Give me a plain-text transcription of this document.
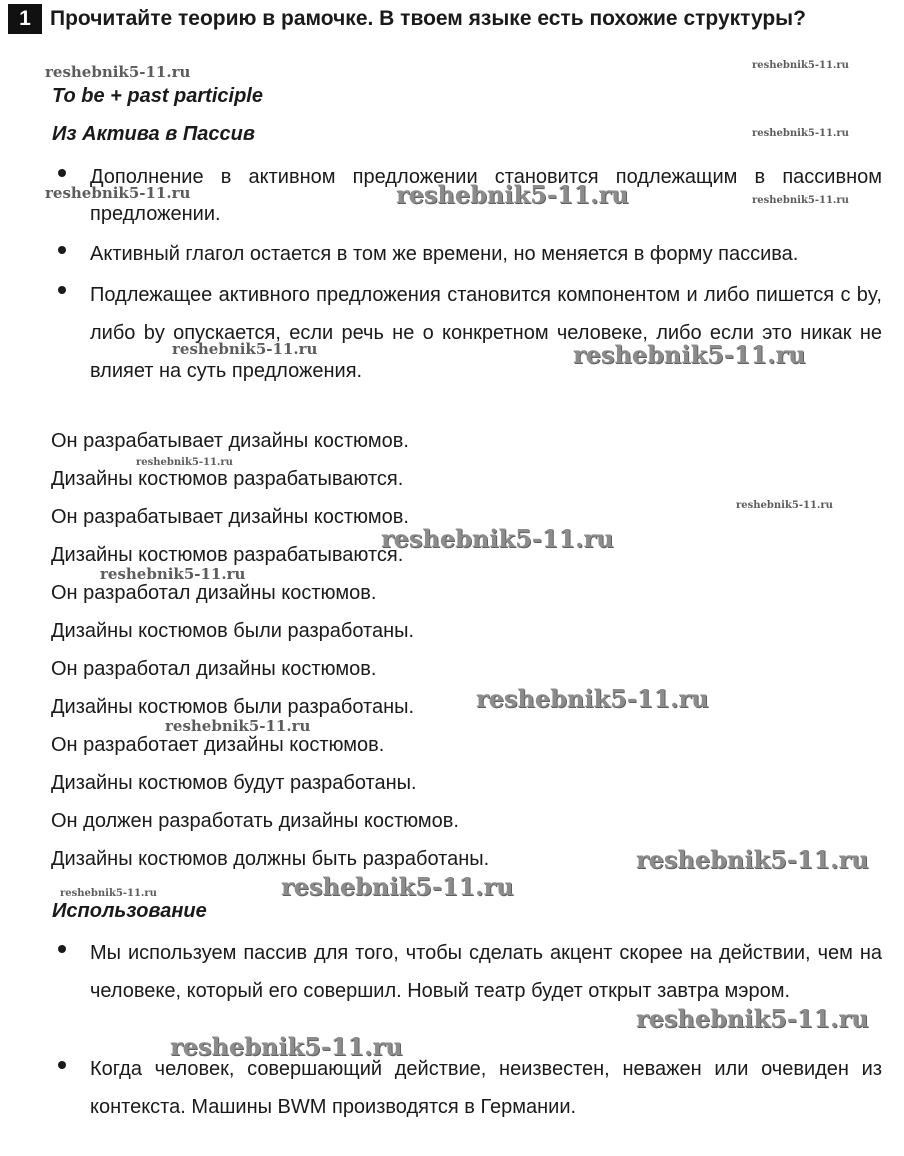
1 Прочитайте теорию в рамочке. В твоем языке есть похожие структуры?
To be + past participle
Из Актива в Пассив
Дополнение в активном предложении становится подлежащим в пассивном предложении.
Активный глагол остается в том же времени, но меняется в форму пассива.
Подлежащее активного предложения становится компонентом и либо пишется с by, либо by опускается, если речь не о конкретном человеке, либо если это никак не влияет на суть предложения.
Он разрабатывает дизайны костюмов.
Дизайны костюмов разрабатываются.
Он разрабатывает дизайны костюмов.
Дизайны костюмов разрабатываются.
Он разработал дизайны костюмов.
Дизайны костюмов были разработаны.
Он разработал дизайны костюмов.
Дизайны костюмов были разработаны.
Он разработает дизайны костюмов.
Дизайны костюмов будут разработаны.
Он должен разработать дизайны костюмов.
Дизайны костюмов должны быть разработаны.
Использование
Мы используем пассив для того, чтобы сделать акцент скорее на действии, чем на человеке, который его совершил. Новый театр будет открыт завтра мэром.
Когда человек, совершающий действие, неизвестен, неважен или очевиден из контекста. Машины BWM производятся в Германии.
reshebnik5-11.ru	reshebnik5-11.ru
reshebnik5-11.ru
reshebnik5-11.ru	reshebnik5-11.ru	reshebnik5-11.ru
reshebnik5-11.ru	reshebnik5-11.ru
reshebnik5-11.ru
reshebnik5-11.ru
reshebnik5-11.ru
reshebnik5-11.ru
reshebnik5-11.ru
reshebnik5-11.ru
reshebnik5-11.ru
reshebnik5-11.ru
reshebnik5-11.ru
reshebnik5-11.ru
reshebnik5-11.ru
